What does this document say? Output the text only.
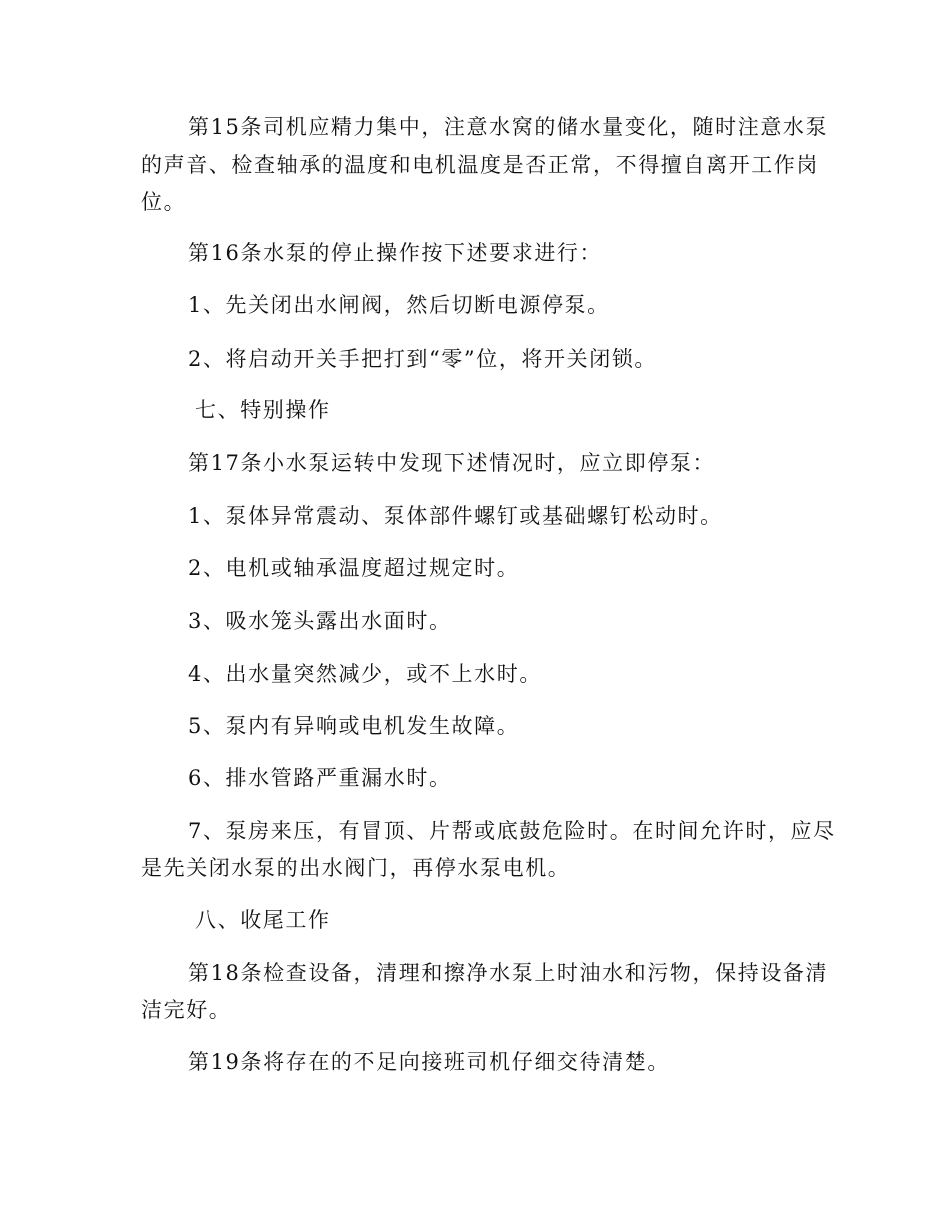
第15条司机应精力集中，注意水窝的储水量变化，随时注意水泵
的声音、检查轴承的温度和电机温度是否正常，不得擅自离开工作岗
位。
第16条水泵的停止操作按下述要求进行：
1、先关闭出水闸阀，然后切断电源停泵。
2、将启动开关手把打到“零”位，将开关闭锁。
七、特别操作
第17条小水泵运转中发现下述情况时，应立即停泵：
1、泵体异常震动、泵体部件螺钉或基础螺钉松动时。
2、电机或轴承温度超过规定时。
3、吸水笼头露出水面时。
4、出水量突然减少，或不上水时。
5、泵内有异响或电机发生故障。
6、排水管路严重漏水时。
7、泵房来压，有冒顶、片帮或底鼓危险时。在时间允许时，应尽
是先关闭水泵的出水阀门，再停水泵电机。
八、收尾工作
第18条检查设备，清理和擦净水泵上时油水和污物，保持设备清
洁完好。
第19条将存在的不足向接班司机仔细交待清楚。
